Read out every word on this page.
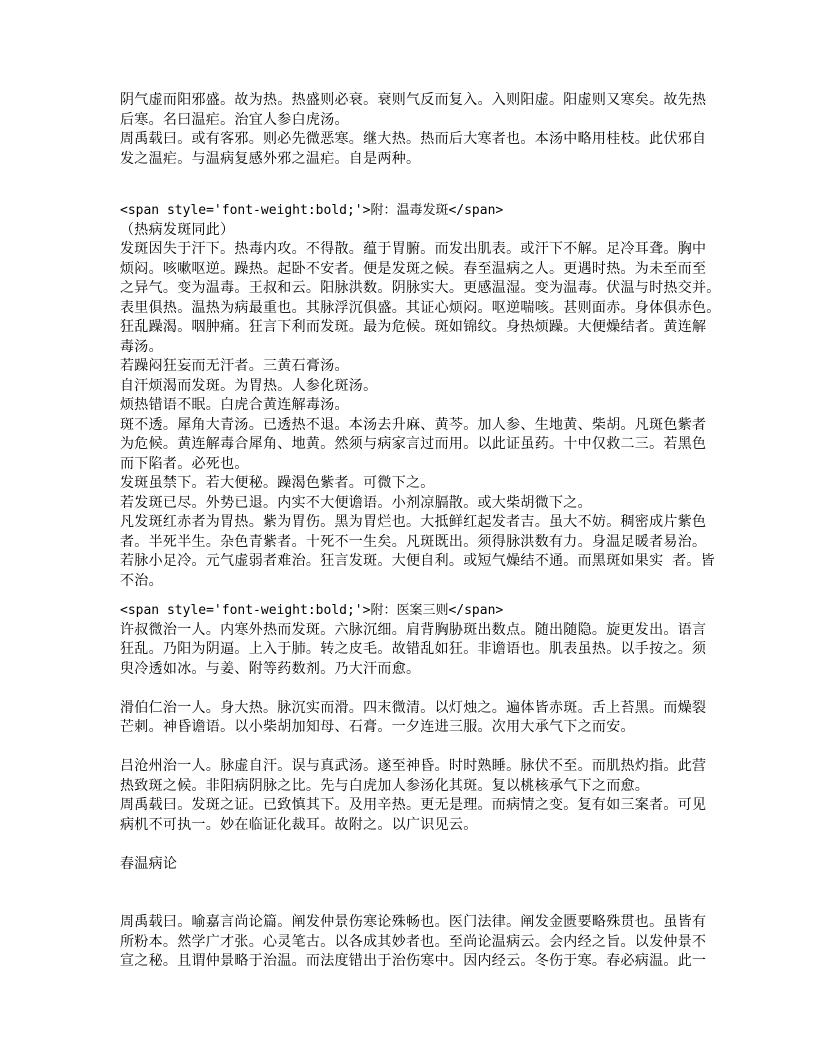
阴气虚而阳邪盛。故为热。热盛则必衰。衰则气反而复入。入则阳虚。阳虚则又寒矣。故先热
后寒。名曰温疟。治宜人参白虎汤。
周禹载曰。或有客邪。则必先微恶寒。继大热。热而后大寒者也。本汤中略用桂枝。此伏邪自
发之温疟。与温病复感外邪之温疟。自是两种。
<span style='font-weight:bold;'>附：温毒发斑</span>
（热病发斑同此）
发斑因失于汗下。热毒内攻。不得散。蕴于胃腑。而发出肌表。或汗下不解。足冷耳聋。胸中
烦闷。咳嗽呕逆。躁热。起卧不安者。便是发斑之候。春至温病之人。更遇时热。为未至而至
之异气。变为温毒。王叔和云。阳脉洪数。阴脉实大。更感温湿。变为温毒。伏温与时热交并。
表里俱热。温热为病最重也。其脉浮沉俱盛。其证心烦闷。呕逆喘咳。甚则面赤。身体俱赤色。
狂乱躁渴。咽肿痛。狂言下利而发斑。最为危候。斑如锦纹。身热烦躁。大便燥结者。黄连解
毒汤。
若躁闷狂妄而无汗者。三黄石膏汤。
自汗烦渴而发斑。为胃热。人参化斑汤。
烦热错语不眠。白虎合黄连解毒汤。
斑不透。犀角大青汤。已透热不退。本汤去升麻、黄芩。加人参、生地黄、柴胡。凡斑色紫者
为危候。黄连解毒合犀角、地黄。然须与病家言过而用。以此证虽药。十中仅救二三。若黑色
而下陷者。必死也。
发斑虽禁下。若大便秘。躁渴色紫者。可微下之。
若发斑已尽。外势已退。内实不大便谵语。小剂凉膈散。或大柴胡微下之。
凡发斑红赤者为胃热。紫为胃伤。黑为胃烂也。大抵鲜红起发者吉。虽大不妨。稠密成片紫色
者。半死半生。杂色青紫者。十死不一生矣。凡斑既出。须得脉洪数有力。身温足暖者易治。
若脉小足冷。元气虚弱者难治。狂言发斑。大便自利。或短气燥结不通。而黑斑如果实 者。皆
不治。
<span style='font-weight:bold;'>附：医案三则</span>
许叔微治一人。内寒外热而发斑。六脉沉细。肩背胸胁斑出数点。随出随隐。旋更发出。语言
狂乱。乃阳为阴逼。上入于肺。转之皮毛。故错乱如狂。非谵语也。肌表虽热。以手按之。须
臾冷透如冰。与姜、附等药数剂。乃大汗而愈。
滑伯仁治一人。身大热。脉沉实而滑。四末微清。以灯烛之。遍体皆赤斑。舌上苔黑。而燥裂
芒刺。神昏谵语。以小柴胡加知母、石膏。一夕连进三服。次用大承气下之而安。
吕沧州治一人。脉虚自汗。误与真武汤。遂至神昏。时时熟睡。脉伏不至。而肌热灼指。此营
热致斑之候。非阳病阴脉之比。先与白虎加人参汤化其斑。复以桃核承气下之而愈。
周禹载曰。发斑之证。已致慎其下。及用辛热。更无是理。而病情之变。复有如三案者。可见
病机不可执一。妙在临证化裁耳。故附之。以广识见云。
春温病论
周禹载曰。喻嘉言尚论篇。阐发仲景伤寒论殊畅也。医门法律。阐发金匮要略殊贯也。虽皆有
所粉本。然学广才张。心灵笔古。以各成其妙者也。至尚论温病云。会内经之旨。以发仲景不
宣之秘。且谓仲景略于治温。而法度错出于治伤寒中。因内经云。冬伤于寒。春必病温。此一
